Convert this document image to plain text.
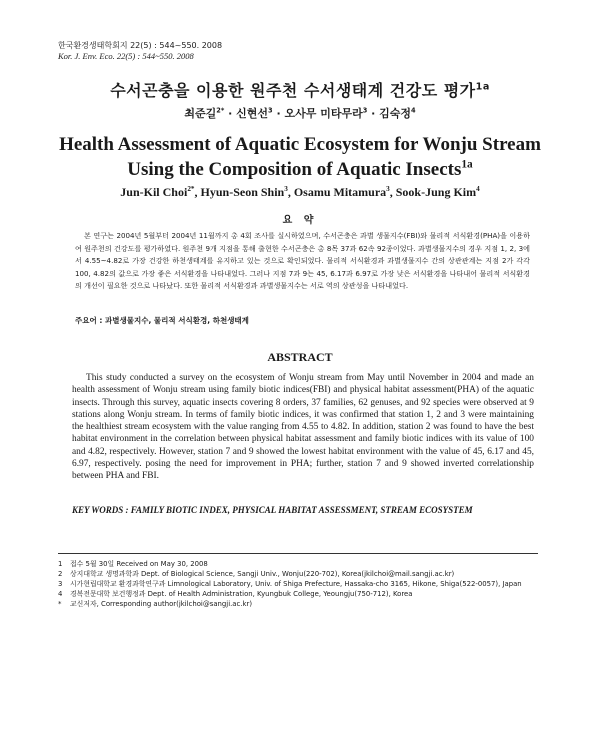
한국환경생태학회지 22(5) : 544~550. 2008
Kor. J. Env. Eco. 22(5) : 544~550. 2008
수서곤충을 이용한 원주천 수서생태계 건강도 평가$^{1a}$
최준길$^{2*}$ · 신현선$^3$ · 오사무 미타무라$^3$ · 김숙정$^4$
Health Assessment of Aquatic Ecosystem for Wonju Stream
Using the Composition of Aquatic Insects$^{1a}$
Jun-Kil Choi$^{2*}$, Hyun-Seon Shin$^3$, Osamu Mitamura$^3$, Sook-Jung Kim$^4$
요 약

본 연구는 2004년 5월부터 2004년 11월까지 총 4회 조사를 실시하였으며, 수서곤충은 과별 생물지수(FBI)와 물리적 서식환경(PHA)을 이용하여 원주천의 건강도를 평가하였다. 원주천 9개 지점을 통해 출현한 수서곤충은 총 8목 37과 62속 92종이었다. 과별생물지수의 경우 지점 1, 2, 3에서 4.55~4.82로 가장 건강한 하천생태계를 유지하고 있는 것으로 확인되었다. 물리적 서식환경과 과별생물지수 간의 상관관계는 지점 2가 각각 100, 4.82의 값으로 가장 좋은 서식환경을 나타내었다. 그러나 지점 7과 9는 45, 6.17과 6.97로 가장 낮은 서식환경을 나타내어 물리적 서식환경의 개선이 필요한 것으로 나타났다. 또한 물리적 서식환경과 과별생물지수는 서로 역의 상관성을 나타내었다.

주요어 : 과별생물지수, 물리적 서식환경, 하천생태계
ABSTRACT

This study conducted a survey on the ecosystem of Wonju stream from May until November in 2004 and made an health assessment of Wonju stream using family biotic indices(FBI) and physical habitat assessment(PHA) of the aquatic insects. Through this survey, aquatic insects covering 8 orders, 37 families, 62 genuses, and 92 species were observed at 9 stations along Wonju stream. In terms of family biotic indices, it was confirmed that station 1, 2 and 3 were maintaining the healthiest stream ecosystem with the value ranging from 4.55 to 4.82. In addition, station 2 was found to have the best habitat environment in the correlation between physical habitat assessment and family biotic indices with its value of 100 and 4.82, respectively. However, station 7 and 9 showed the lowest habitat environment with the value of 45, 6.17 and 45, 6.97, respectively. posing the need for improvement in PHA; further, station 7 and 9 showed inverted correlationship between PHA and FBI.

KEY WORDS : FAMILY BIOTIC INDEX, PHYSICAL HABITAT ASSESSMENT, STREAM ECOSYSTEM
1	접수 5월 30일 Received on May 30, 2008
2	상지대학교 생명과학과 Dept. of Biological Science, Sangji Univ., Wonju(220-702), Korea(jkilchoi@mail.sangji.ac.kr)
3	시가현립대학교 환경과학연구과 Limnological Laboratory, Univ. of Shiga Prefecture, Hassaka-cho 3165, Hikone, Shiga(522-0057), Japan
4	경복전문대학 보건행정과 Dept. of Health Administration, Kyungbuk College, Yeoungju(750-712), Korea
*	교신저자, Corresponding author(jkilchoi@sangji.ac.kr)
